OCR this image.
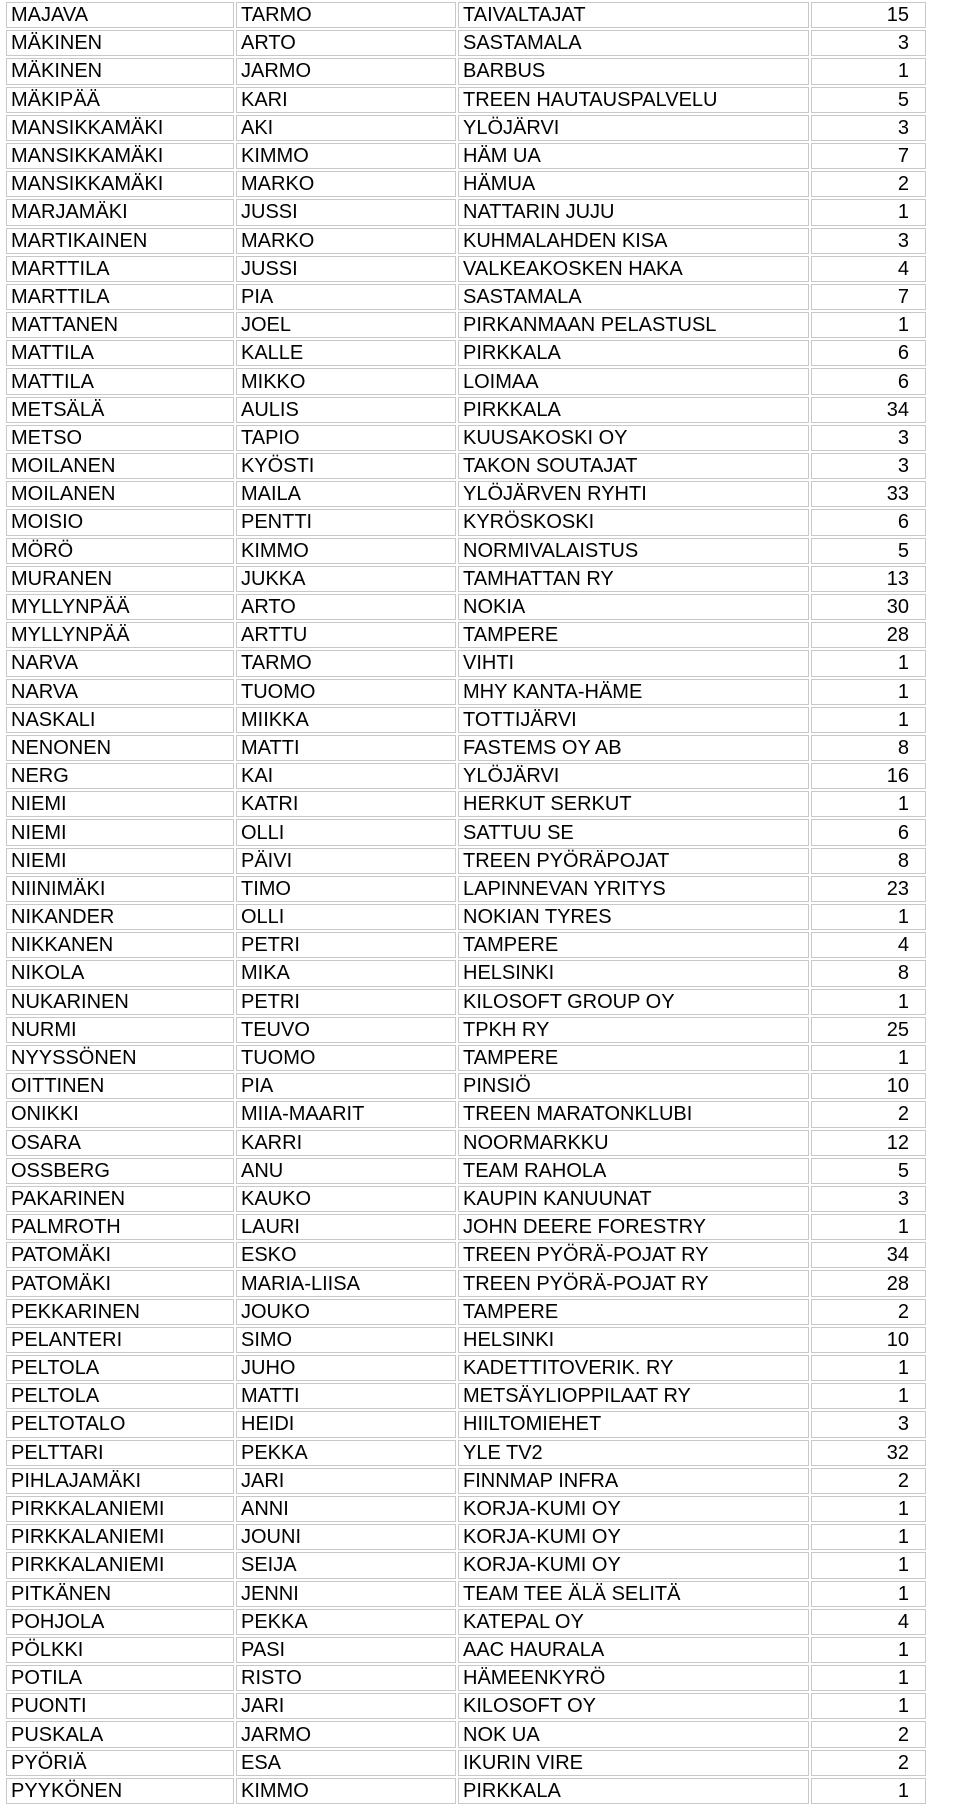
MAJAVA	TARMO	TAIVALTAJAT	15
MÄKINEN	ARTO	SASTAMALA	3
MÄKINEN	JARMO	BARBUS	1
MÄKIPÄÄ	KARI	TREEN HAUTAUSPALVELU	5
MANSIKKAMÄKI	AKI	YLÖJÄRVI	3
MANSIKKAMÄKI	KIMMO	HÄM UA	7
MANSIKKAMÄKI	MARKO	HÄMUA	2
MARJAMÄKI	JUSSI	NATTARIN JUJU	1
MARTIKAINEN	MARKO	KUHMALAHDEN KISA	3
MARTTILA	JUSSI	VALKEAKOSKEN HAKA	4
MARTTILA	PIA	SASTAMALA	7
MATTANEN	JOEL	PIRKANMAAN PELASTUSL	1
MATTILA	KALLE	PIRKKALA	6
MATTILA	MIKKO	LOIMAA	6
METSÄLÄ	AULIS	PIRKKALA	34
METSO	TAPIO	KUUSAKOSKI OY	3
MOILANEN	KYÖSTI	TAKON SOUTAJAT	3
MOILANEN	MAILA	YLÖJÄRVEN RYHTI	33
MOISIO	PENTTI	KYRÖSKOSKI	6
MÖRÖ	KIMMO	NORMIVALAISTUS	5
MURANEN	JUKKA	TAMHATTAN RY	13
MYLLYNPÄÄ	ARTO	NOKIA	30
MYLLYNPÄÄ	ARTTU	TAMPERE	28
NARVA	TARMO	VIHTI	1
NARVA	TUOMO	MHY KANTA-HÄME	1
NASKALI	MIIKKA	TOTTIJÄRVI	1
NENONEN	MATTI	FASTEMS OY AB	8
NERG	KAI	YLÖJÄRVI	16
NIEMI	KATRI	HERKUT SERKUT	1
NIEMI	OLLI	SATTUU SE	6
NIEMI	PÄIVI	TREEN PYÖRÄPOJAT	8
NIINIMÄKI	TIMO	LAPINNEVAN YRITYS	23
NIKANDER	OLLI	NOKIAN TYRES	1
NIKKANEN	PETRI	TAMPERE	4
NIKOLA	MIKA	HELSINKI	8
NUKARINEN	PETRI	KILOSOFT GROUP OY	1
NURMI	TEUVO	TPKH RY	25
NYYSSÖNEN	TUOMO	TAMPERE	1
OITTINEN	PIA	PINSIÖ	10
ONIKKI	MIIA-MAARIT	TREEN MARATONKLUBI	2
OSARA	KARRI	NOORMARKKU	12
OSSBERG	ANU	TEAM RAHOLA	5
PAKARINEN	KAUKO	KAUPIN KANUUNAT	3
PALMROTH	LAURI	JOHN DEERE FORESTRY	1
PATOMÄKI	ESKO	TREEN PYÖRÄ-POJAT RY	34
PATOMÄKI	MARIA-LIISA	TREEN PYÖRÄ-POJAT RY	28
PEKKARINEN	JOUKO	TAMPERE	2
PELANTERI	SIMO	HELSINKI	10
PELTOLA	JUHO	KADETTITOVERIK. RY	1
PELTOLA	MATTI	METSÄYLIOPPILAAT RY	1
PELTOTALO	HEIDI	HIILTOMIEHET	3
PELTTARI	PEKKA	YLE TV2	32
PIHLAJAMÄKI	JARI	FINNMAP INFRA	2
PIRKKALANIEMI	ANNI	KORJA-KUMI OY	1
PIRKKALANIEMI	JOUNI	KORJA-KUMI OY	1
PIRKKALANIEMI	SEIJA	KORJA-KUMI OY	1
PITKÄNEN	JENNI	TEAM TEE ÄLÄ SELITÄ	1
POHJOLA	PEKKA	KATEPAL OY	4
PÖLKKI	PASI	AAC HAURALA	1
POTILA	RISTO	HÄMEENKYRÖ	1
PUONTI	JARI	KILOSOFT OY	1
PUSKALA	JARMO	NOK UA	2
PYÖRIÄ	ESA	IKURIN VIRE	2
PYYKÖNEN	KIMMO	PIRKKALA	1
